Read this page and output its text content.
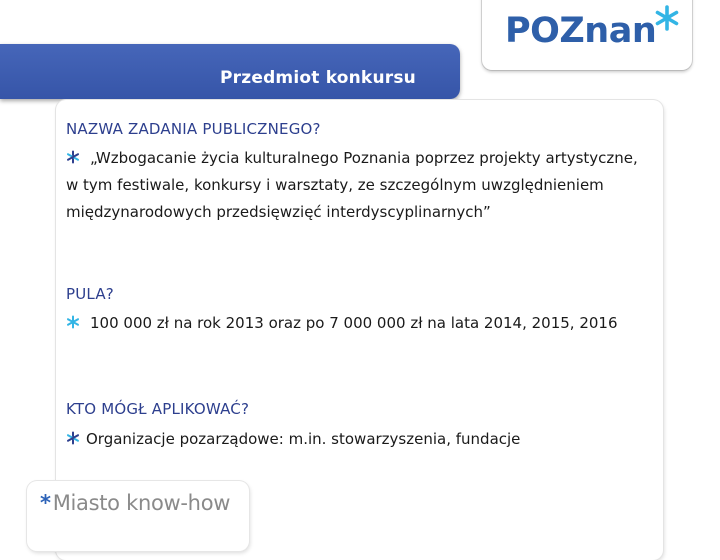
POZnan
Przedmiot konkursu
NAZWA ZADANIA PUBLICZNEGO?

„Wzbogacanie życia kulturalnego Poznania poprzez projekty artystyczne, w tym festiwale, konkursy i warsztaty, ze szczególnym uwzględnieniem międzynarodowych przedsięwzięć interdyscyplinarnych”

PULA?

100 000 zł na rok 2013 oraz po 7 000 000 zł na lata 2014, 2015, 2016

KTO MÓGŁ APLIKOWAĆ?

Organizacje pozarządowe: m.in. stowarzyszenia, fundacje

*Miasto know-how
